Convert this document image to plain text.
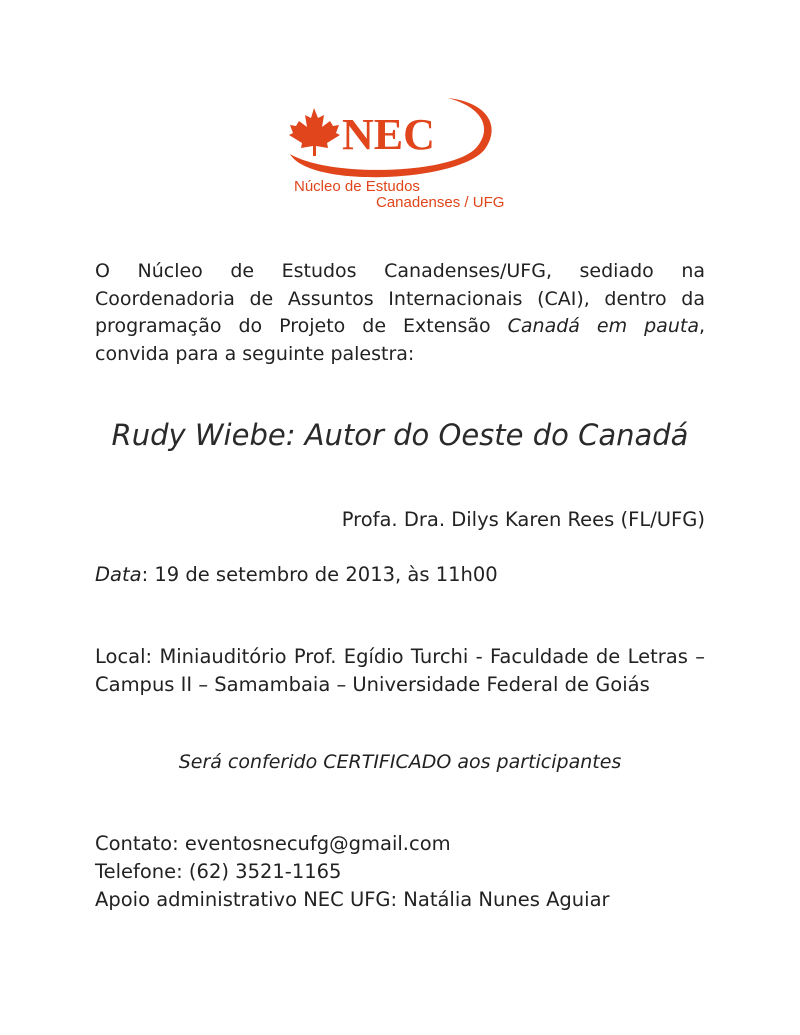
NEC
Núcleo de Estudos
Canadenses / UFG

O Núcleo de Estudos Canadenses/UFG, sediado na Coordenadoria de Assuntos Internacionais (CAI), dentro da programação do Projeto de Extensão Canadá em pauta, convida para a seguinte palestra:

Rudy Wiebe: Autor do Oeste do Canadá

Profa. Dra. Dilys Karen Rees (FL/UFG)

Data: 19 de setembro de 2013, às 11h00

Local: Miniauditório Prof. Egídio Turchi - Faculdade de Letras – Campus II – Samambaia – Universidade Federal de Goiás

Será conferido CERTIFICADO aos participantes

Contato: eventosnecufg@gmail.com
Telefone: (62) 3521-1165
Apoio administrativo NEC UFG: Natália Nunes Aguiar
